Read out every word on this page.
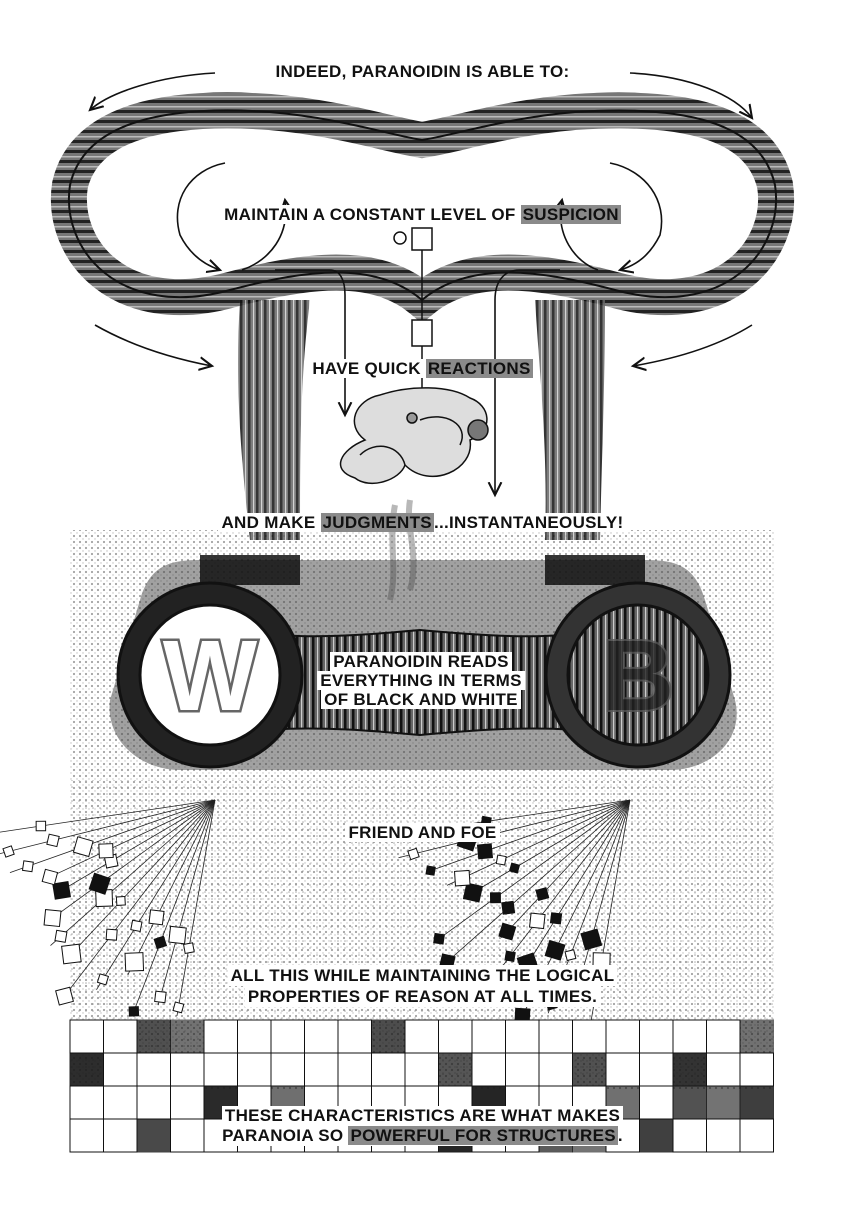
W	B
INDEED, PARANOIDIN IS ABLE TO:
MAINTAIN A CONSTANT LEVEL OF SUSPICION
HAVE QUICK REACTIONS
AND MAKE JUDGMENTS ...INSTANTANEOUSLY!
PARANOIDIN READS
EVERYTHING IN TERMS
OF BLACK AND WHITE
FRIEND AND FOE
ALL THIS WHILE MAINTAINING THE LOGICAL
PROPERTIES OF REASON AT ALL TIMES.
THESE CHARACTERISTICS ARE WHAT MAKES
PARANOIA SO POWERFUL FOR STRUCTURES .
